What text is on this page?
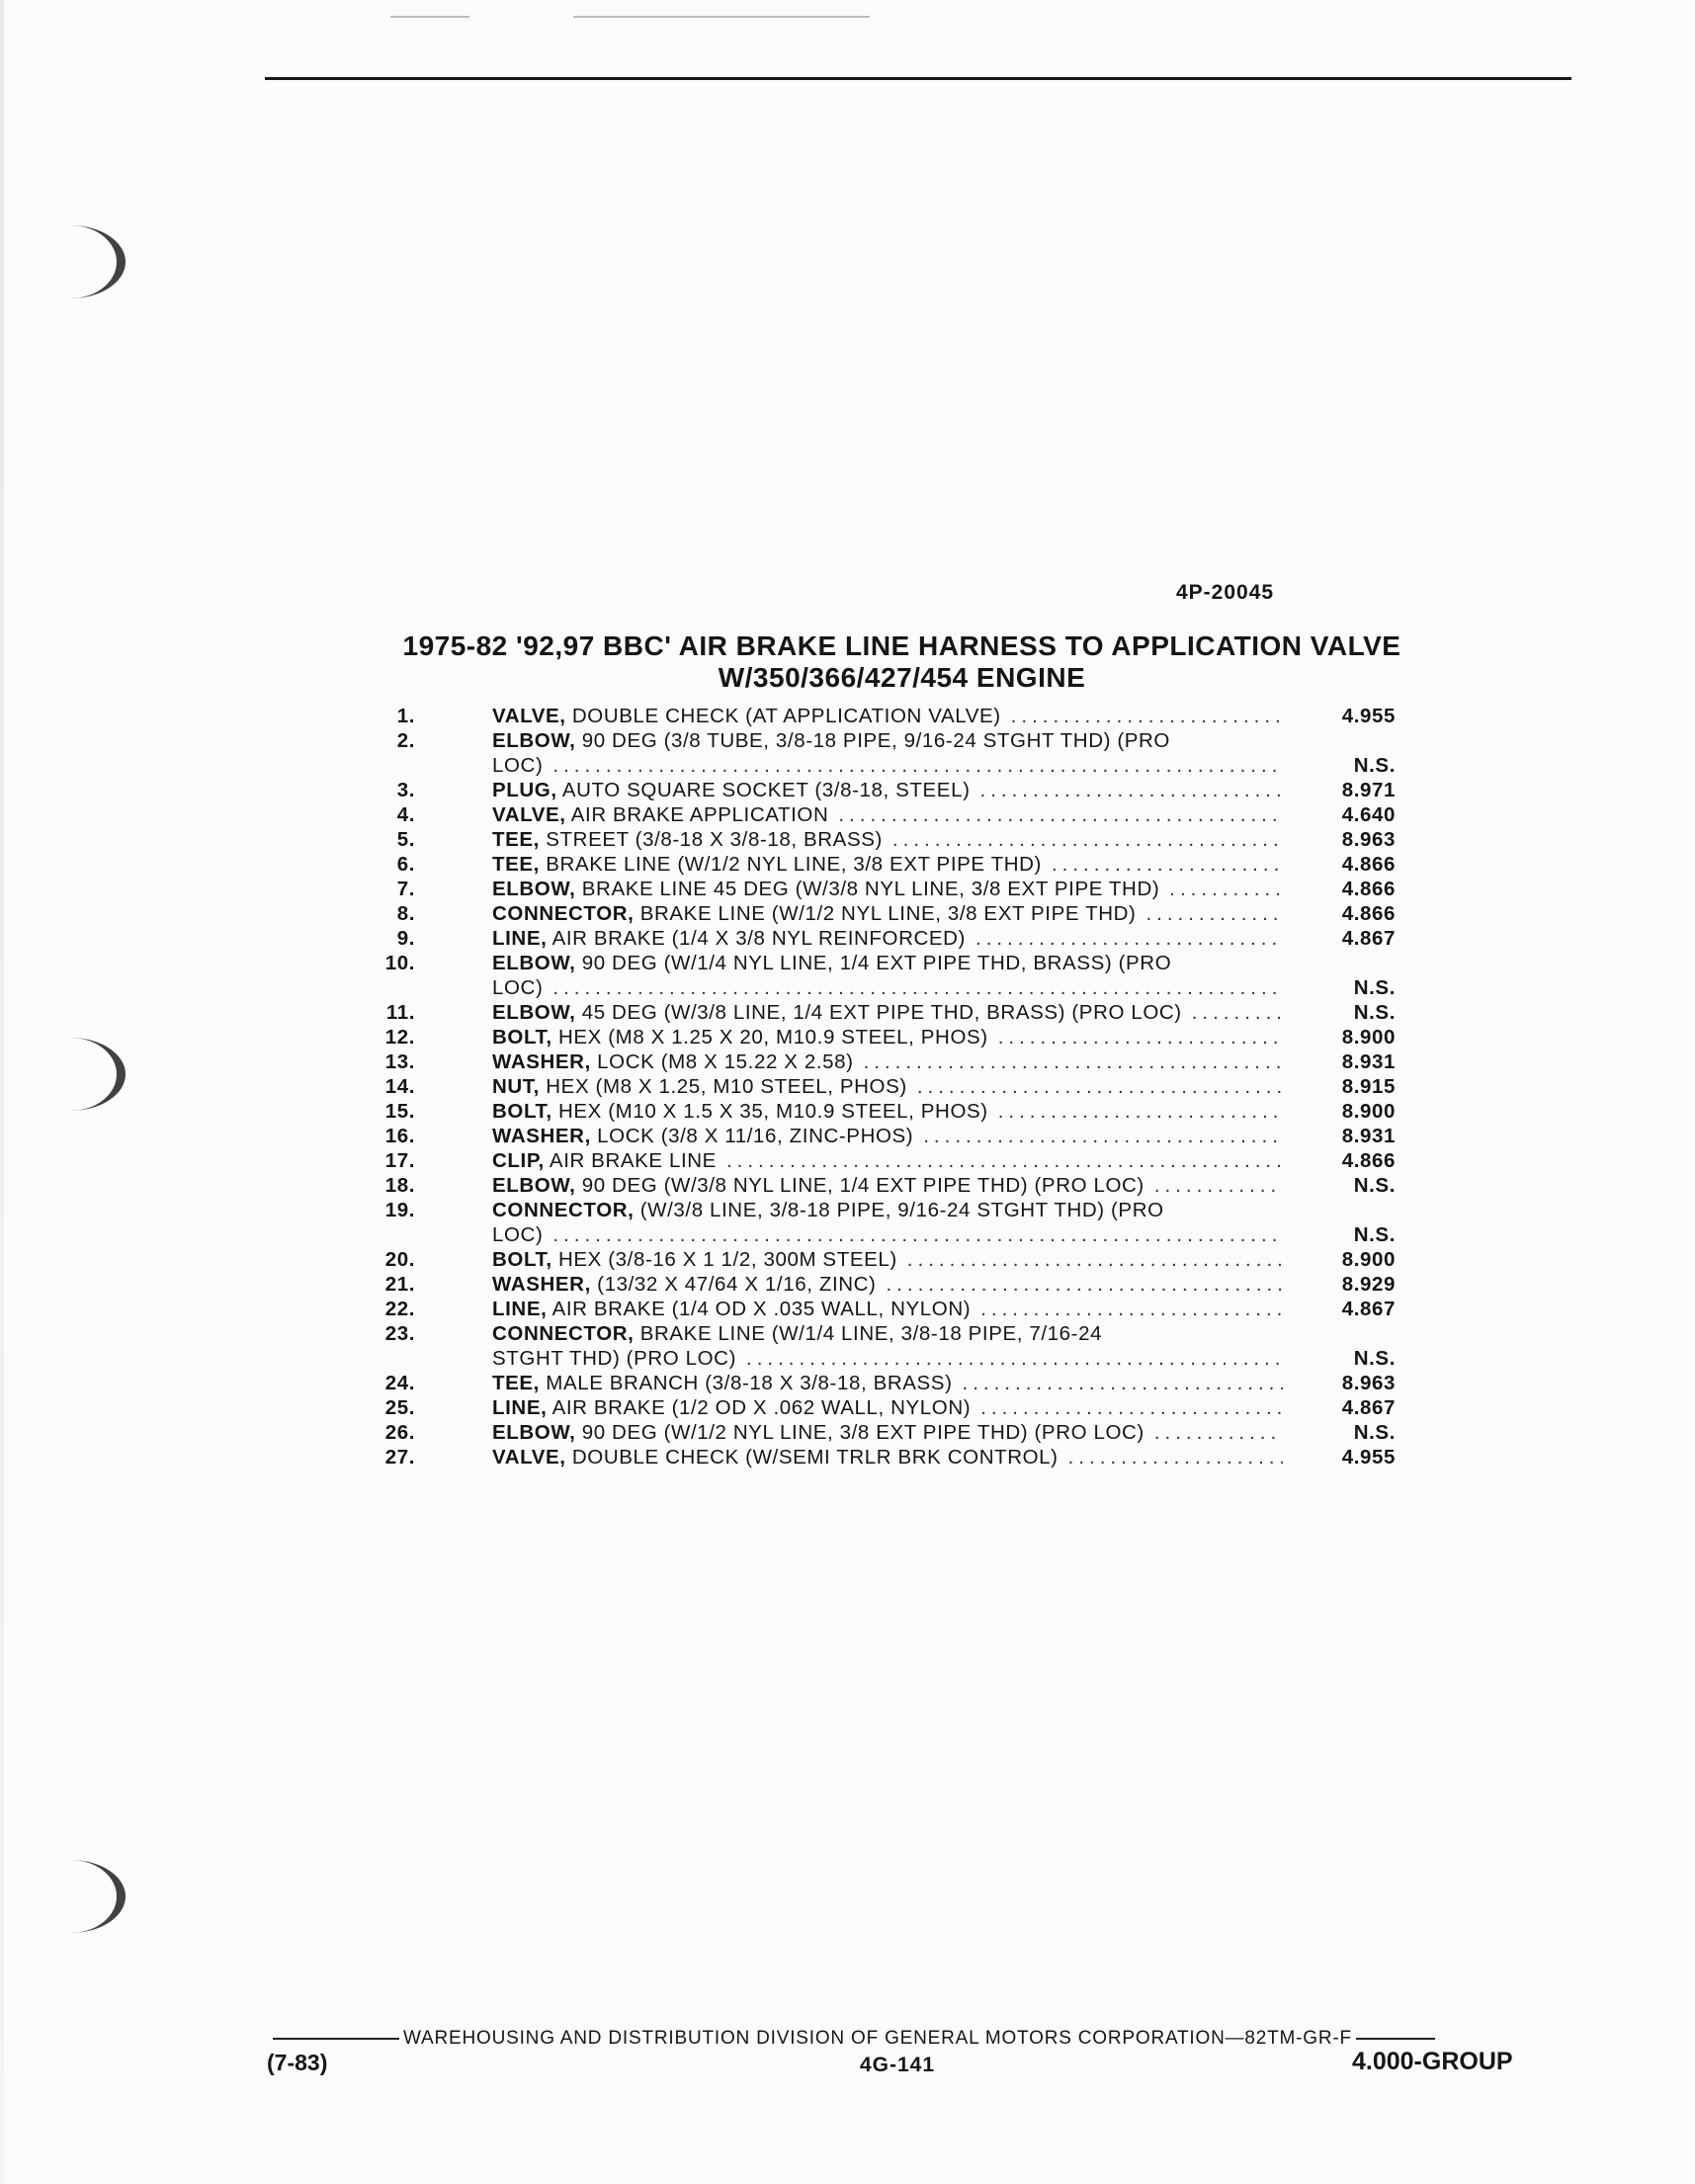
4P-20045
1975-82 '92,97 BBC' AIR BRAKE LINE HARNESS TO APPLICATION VALVE
W/350/366/427/454 ENGINE
1.	VALVE, DOUBLE CHECK (AT APPLICATION VALVE) .....	4.955
2.	ELBOW, 90 DEG (3/8 TUBE, 3/8-18 PIPE, 9/16-24 STGHT THD) (PRO
LOC) .....	N.S.
3.	PLUG, AUTO SQUARE SOCKET (3/8-18, STEEL) .....	8.971
4.	VALVE, AIR BRAKE APPLICATION .....	4.640
5.	TEE, STREET (3/8-18 X 3/8-18, BRASS) .....	8.963
6.	TEE, BRAKE LINE (W/1/2 NYL LINE, 3/8 EXT PIPE THD) .....	4.866
7.	ELBOW, BRAKE LINE 45 DEG (W/3/8 NYL LINE, 3/8 EXT PIPE THD) .....	4.866
8.	CONNECTOR, BRAKE LINE (W/1/2 NYL LINE, 3/8 EXT PIPE THD) .....	4.866
9.	LINE, AIR BRAKE (1/4 X 3/8 NYL REINFORCED) .....	4.867
10.	ELBOW, 90 DEG (W/1/4 NYL LINE, 1/4 EXT PIPE THD, BRASS) (PRO
LOC) .....	N.S.
11.	ELBOW, 45 DEG (W/3/8 LINE, 1/4 EXT PIPE THD, BRASS) (PRO LOC) .....	N.S.
12.	BOLT, HEX (M8 X 1.25 X 20, M10.9 STEEL, PHOS) .....	8.900
13.	WASHER, LOCK (M8 X 15.22 X 2.58) .....	8.931
14.	NUT, HEX (M8 X 1.25, M10 STEEL, PHOS) .....	8.915
15.	BOLT, HEX (M10 X 1.5 X 35, M10.9 STEEL, PHOS) .....	8.900
16.	WASHER, LOCK (3/8 X 11/16, ZINC-PHOS) .....	8.931
17.	CLIP, AIR BRAKE LINE .....	4.866
18.	ELBOW, 90 DEG (W/3/8 NYL LINE, 1/4 EXT PIPE THD) (PRO LOC) .....	N.S.
19.	CONNECTOR, (W/3/8 LINE, 3/8-18 PIPE, 9/16-24 STGHT THD) (PRO
LOC) .....	N.S.
20.	BOLT, HEX (3/8-16 X 1 1/2, 300M STEEL) .....	8.900
21.	WASHER, (13/32 X 47/64 X 1/16, ZINC) .....	8.929
22.	LINE, AIR BRAKE (1/4 OD X .035 WALL, NYLON) .....	4.867
23.	CONNECTOR, BRAKE LINE (W/1/4 LINE, 3/8-18 PIPE, 7/16-24
STGHT THD) (PRO LOC) .....	N.S.
24.	TEE, MALE BRANCH (3/8-18 X 3/8-18, BRASS) .....	8.963
25.	LINE, AIR BRAKE (1/2 OD X .062 WALL, NYLON) .....	4.867
26.	ELBOW, 90 DEG (W/1/2 NYL LINE, 3/8 EXT PIPE THD) (PRO LOC) .....	N.S.
27.	VALVE, DOUBLE CHECK (W/SEMI TRLR BRK CONTROL) .....	4.955
WAREHOUSING AND DISTRIBUTION DIVISION OF GENERAL MOTORS CORPORATION—82TM-GR-F
(7-83)	4G-141	4.000-GROUP
